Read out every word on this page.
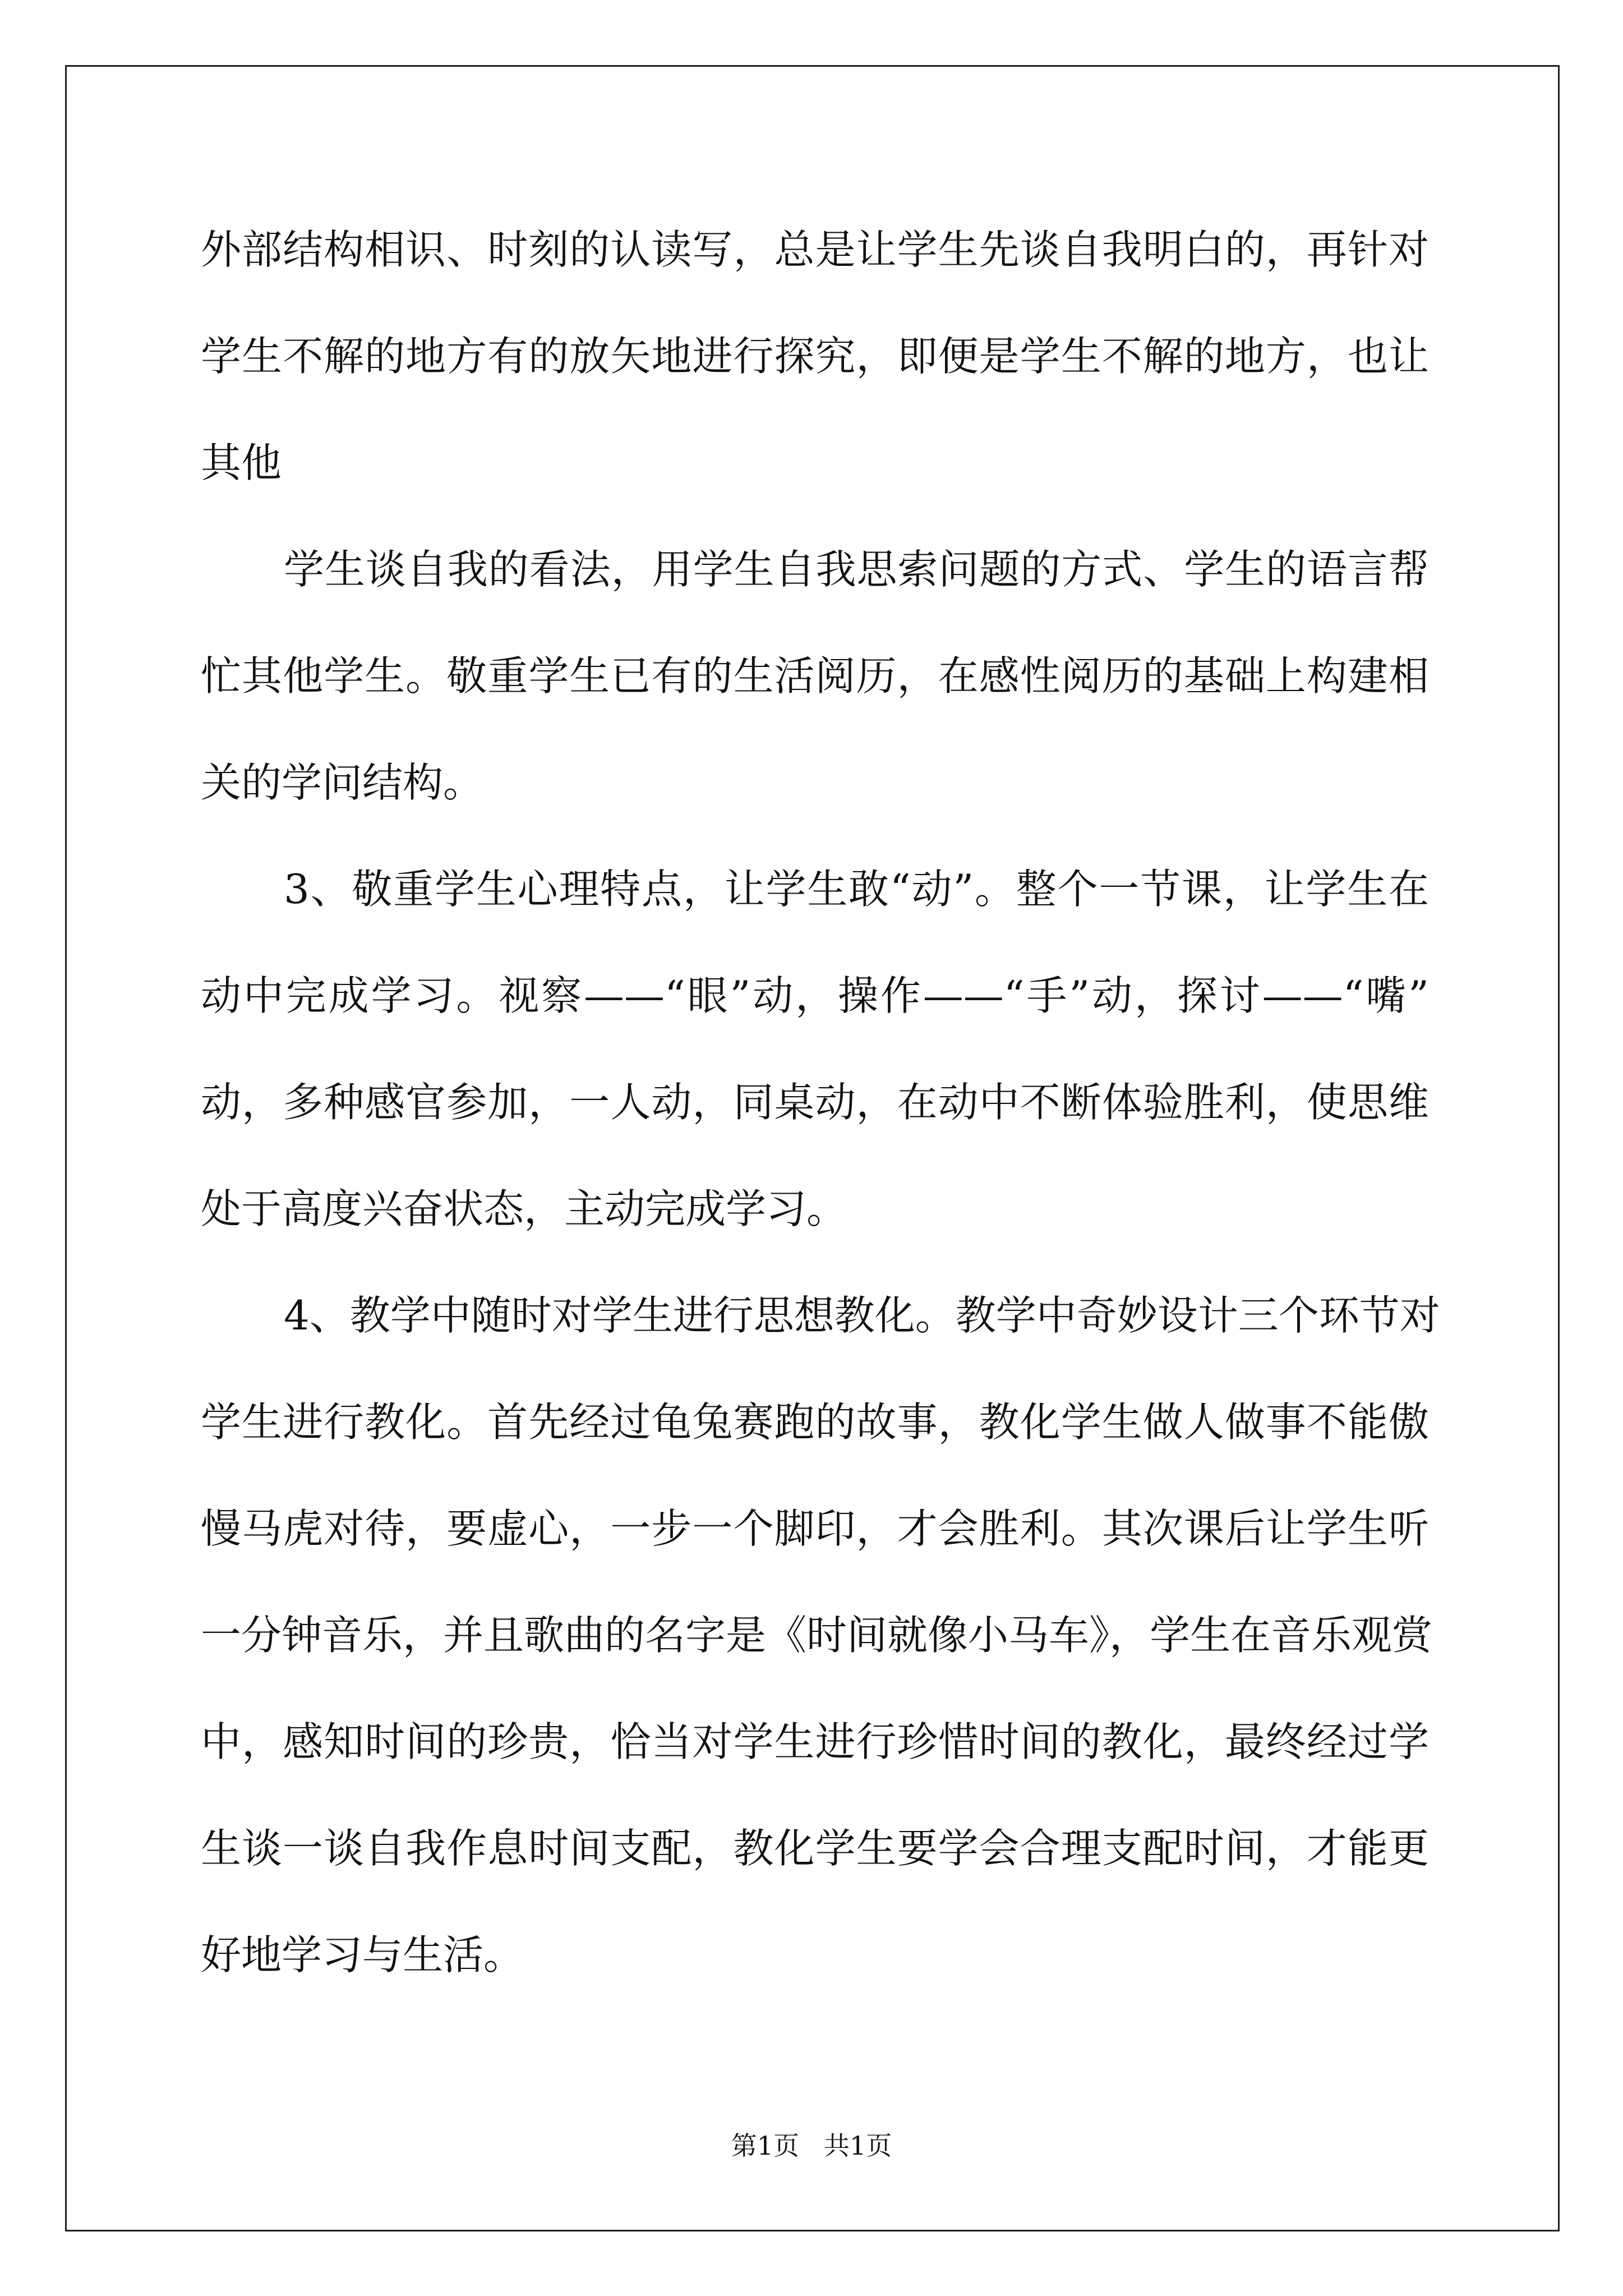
外部结构相识、时刻的认读写，总是让学生先谈自我明白的，再针对
学生不解的地方有的放矢地进行探究，即便是学生不解的地方，也让
其他
学生谈自我的看法，用学生自我思索问题的方式、学生的语言帮
忙其他学生。敬重学生已有的生活阅历，在感性阅历的基础上构建相
关的学问结构。
3、敬重学生心理特点，让学生敢“动”。整个一节课，让学生在
动中完成学习。视察——“眼”动，操作——“手”动，探讨——“嘴”
动，多种感官参加，一人动，同桌动，在动中不断体验胜利，使思维
处于高度兴奋状态，主动完成学习。
4、教学中随时对学生进行思想教化。教学中奇妙设计三个环节对
学生进行教化。首先经过龟兔赛跑的故事，教化学生做人做事不能傲
慢马虎对待，要虚心，一步一个脚印，才会胜利。其次课后让学生听
一分钟音乐，并且歌曲的名字是《时间就像小马车》，学生在音乐观赏
中，感知时间的珍贵，恰当对学生进行珍惜时间的教化，最终经过学
生谈一谈自我作息时间支配，教化学生要学会合理支配时间，才能更
好地学习与生活。
第1页 共1页
